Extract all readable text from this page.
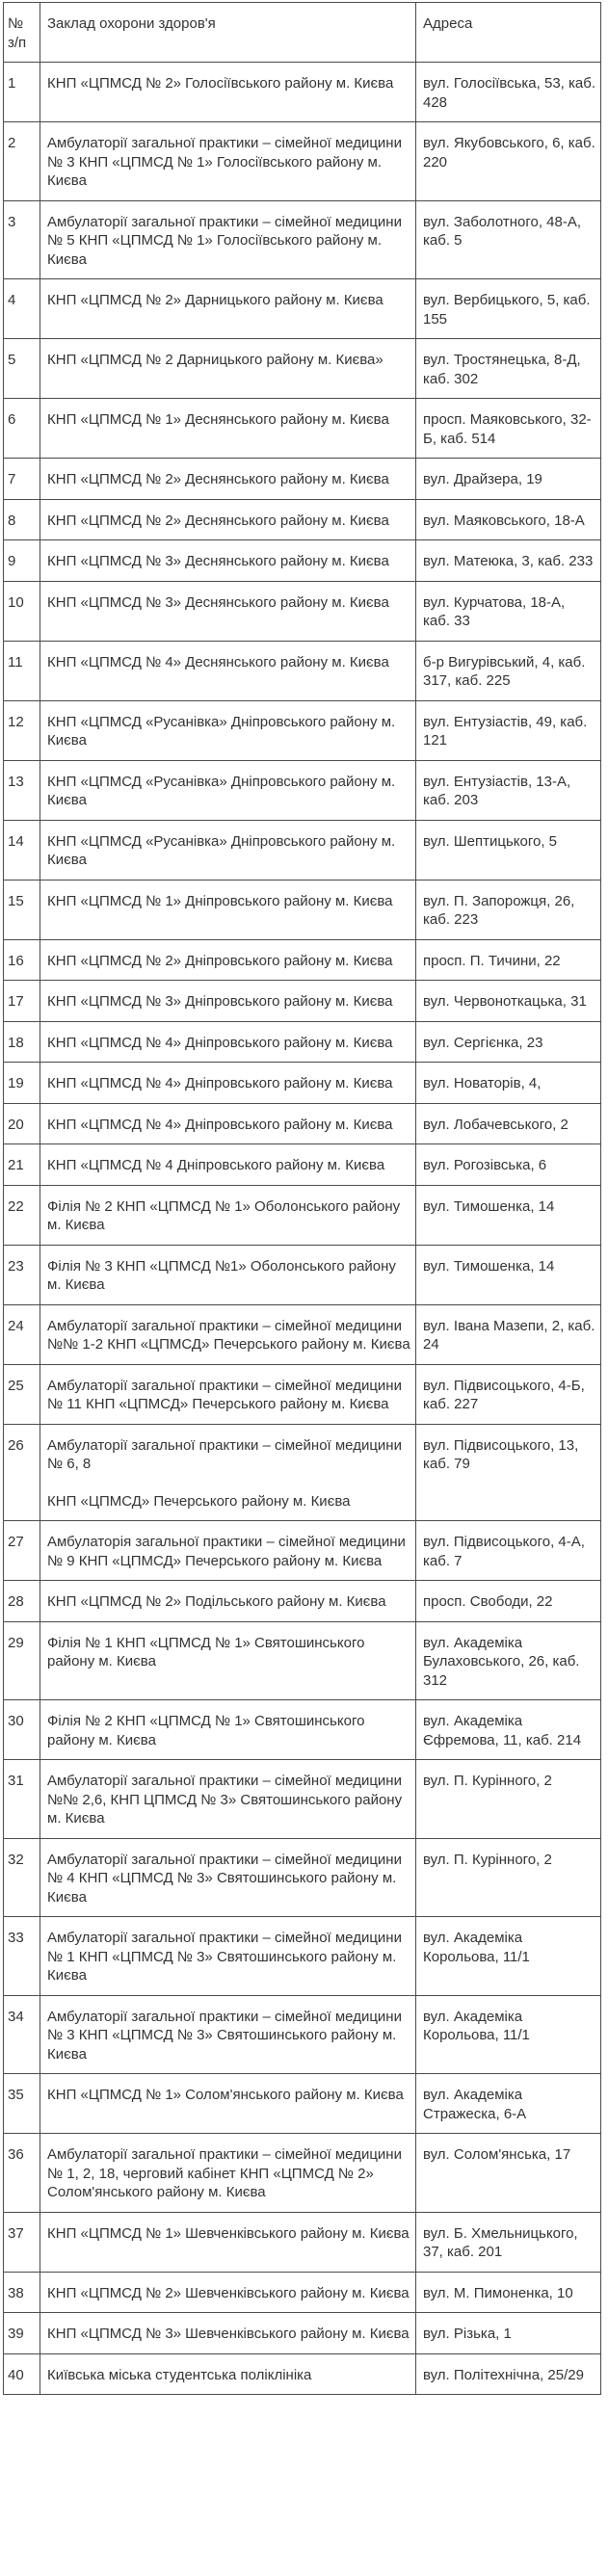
№ з/п	Заклад охорони здоров'я	Адреса
1	КНП «ЦПМСД № 2» Голосіївського району м. Києва	вул. Голосіївська, 53, каб. 428
2	Амбулаторії загальної практики – сімейної медицини № 3 КНП «ЦПМСД № 1» Голосіївського району м. Києва	вул. Якубовського, 6, каб. 220
3	Амбулаторії загальної практики – сімейної медицини № 5 КНП «ЦПМСД № 1» Голосіївського району м. Києва	вул. Заболотного, 48-А, каб. 5
4	КНП «ЦПМСД № 2» Дарницького району м. Києва	вул. Вербицького, 5, каб. 155
5	КНП «ЦПМСД № 2 Дарницького району м. Києва»	вул. Тростянецька, 8-Д, каб. 302
6	КНП «ЦПМСД № 1» Деснянського району м. Києва	просп. Маяковського, 32-Б, каб. 514
7	КНП «ЦПМСД № 2» Деснянського району м. Києва	вул. Драйзера, 19
8	КНП «ЦПМСД № 2» Деснянського району м. Києва	вул. Маяковського, 18-А
9	КНП «ЦПМСД № 3» Деснянського району м. Києва	вул. Матеюка, 3, каб. 233
10	КНП «ЦПМСД № 3» Деснянського району м. Києва	вул. Курчатова, 18-А, каб. 33
11	КНП «ЦПМСД № 4» Деснянського району м. Києва	б-р Вигурівський, 4, каб. 317, каб. 225
12	КНП «ЦПМСД «Русанівка» Дніпровського району м. Києва	вул. Ентузіастів, 49, каб. 121
13	КНП «ЦПМСД «Русанівка» Дніпровського району м. Києва	вул. Ентузіастів, 13-А, каб. 203
14	КНП «ЦПМСД «Русанівка» Дніпровського району м. Києва	вул. Шептицького, 5
15	КНП «ЦПМСД № 1» Дніпровського району м. Києва	вул. П. Запорожця, 26, каб. 223
16	КНП «ЦПМСД № 2» Дніпровського району м. Києва	просп. П. Тичини, 22
17	КНП «ЦПМСД № 3» Дніпровського району м. Києва	вул. Червоноткацька, 31
18	КНП «ЦПМСД № 4» Дніпровського району м. Києва	вул. Сергієнка, 23
19	КНП «ЦПМСД № 4» Дніпровського району м. Києва	вул. Новаторів, 4,
20	КНП «ЦПМСД № 4» Дніпровського району м. Києва	вул. Лобачевського, 2
21	КНП «ЦПМСД № 4 Дніпровського району м. Києва	вул. Рогозівська, 6
22	Філія № 2 КНП «ЦПМСД № 1» Оболонського району м. Києва	вул. Тимошенка, 14
23	Філія № 3 КНП «ЦПМСД №1» Оболонського району м. Києва	вул. Тимошенка, 14
24	Амбулаторії загальної практики – сімейної медицини №№ 1-2 КНП «ЦПМСД» Печерського району м. Києва	вул. Івана Мазепи, 2, каб. 24
25	Амбулаторії загальної практики – сімейної медицини № 11 КНП «ЦПМСД» Печерського району м. Києва	вул. Підвисоцького, 4-Б, каб. 227
26	Амбулаторії загальної практики – сімейної медицини № 6, 8
КНП «ЦПМСД» Печерського району м. Києва	вул. Підвисоцького, 13, каб. 79
27	Амбулаторія загальної практики – сімейної медицини № 9 КНП «ЦПМСД» Печерського району м. Києва	вул. Підвисоцького, 4-А, каб. 7
28	КНП «ЦПМСД № 2» Подільського району м. Києва	просп. Свободи, 22
29	Філія № 1 КНП «ЦПМСД № 1» Святошинського району м. Києва	вул. Академіка Булаховського, 26, каб. 312
30	Філія № 2 КНП «ЦПМСД № 1» Святошинського району м. Києва	вул. Академіка Єфремова, 11, каб. 214
31	Амбулаторії загальної практики – сімейної медицини №№ 2,6, КНП ЦПМСД № 3» Святошинського району м. Києва	вул. П. Курінного, 2
32	Амбулаторії загальної практики – сімейної медицини № 4 КНП «ЦПМСД № 3» Святошинського району м. Києва	вул. П. Курінного, 2
33	Амбулаторії загальної практики – сімейної медицини № 1 КНП «ЦПМСД № 3» Святошинського району м. Києва	вул. Академіка Корольова, 11/1
34	Амбулаторії загальної практики – сімейної медицини № 3 КНП «ЦПМСД № 3» Святошинського району м. Києва	вул. Академіка Корольова, 11/1
35	КНП «ЦПМСД № 1» Солом'янського району м. Києва	вул. Академіка Стражеска, 6-А
36	Амбулаторії загальної практики – сімейної медицини № 1, 2, 18, черговий кабінет КНП «ЦПМСД № 2» Солом'янського району м. Києва	вул. Солом'янська, 17
37	КНП «ЦПМСД № 1» Шевченківського району м. Києва	вул. Б. Хмельницького, 37, каб. 201
38	КНП «ЦПМСД № 2» Шевченківського району м. Києва	вул. М. Пимоненка, 10
39	КНП «ЦПМСД № 3» Шевченківського району м. Києва	вул. Різька, 1
40	Київська міська студентська поліклініка	вул. Політехнічна, 25/29
